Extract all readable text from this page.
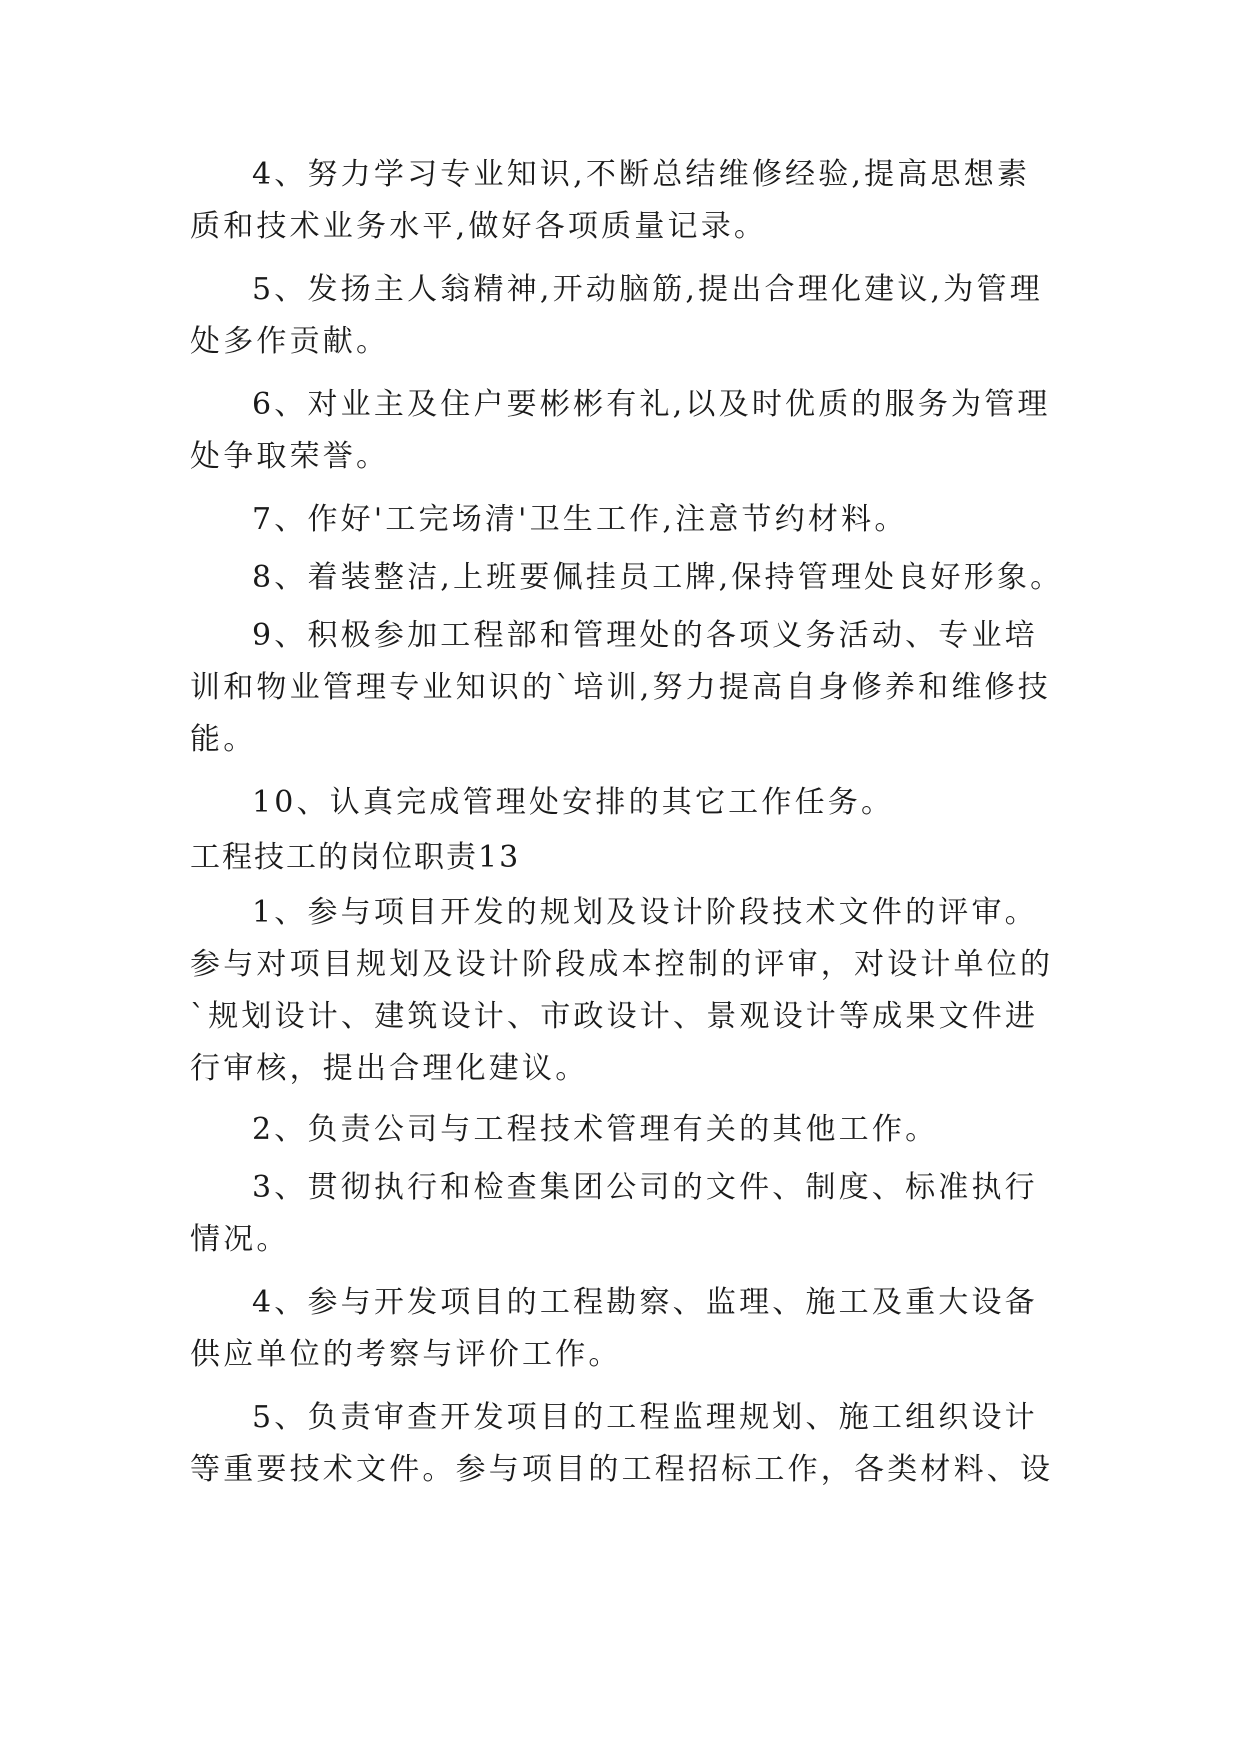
4、努力学习专业知识,不断总结维修经验,提高思想素
质和技术业务水平,做好各项质量记录。
5、发扬主人翁精神,开动脑筋,提出合理化建议,为管理
处多作贡献。
6、对业主及住户要彬彬有礼,以及时优质的服务为管理
处争取荣誉。
7、作好'工完场清'卫生工作,注意节约材料。
8、着装整洁,上班要佩挂员工牌,保持管理处良好形象。
9、积极参加工程部和管理处的各项义务活动、专业培
训和物业管理专业知识的`培训,努力提高自身修养和维修技
能。
10、认真完成管理处安排的其它工作任务。
工程技工的岗位职责13
1、参与项目开发的规划及设计阶段技术文件的评审。
参与对项目规划及设计阶段成本控制的评审，对设计单位的
`规划设计、建筑设计、市政设计、景观设计等成果文件进
行审核，提出合理化建议。
2、负责公司与工程技术管理有关的其他工作。
3、贯彻执行和检查集团公司的文件、制度、标准执行
情况。
4、参与开发项目的工程勘察、监理、施工及重大设备
供应单位的考察与评价工作。
5、负责审查开发项目的工程监理规划、施工组织设计
等重要技术文件。参与项目的工程招标工作，各类材料、设
